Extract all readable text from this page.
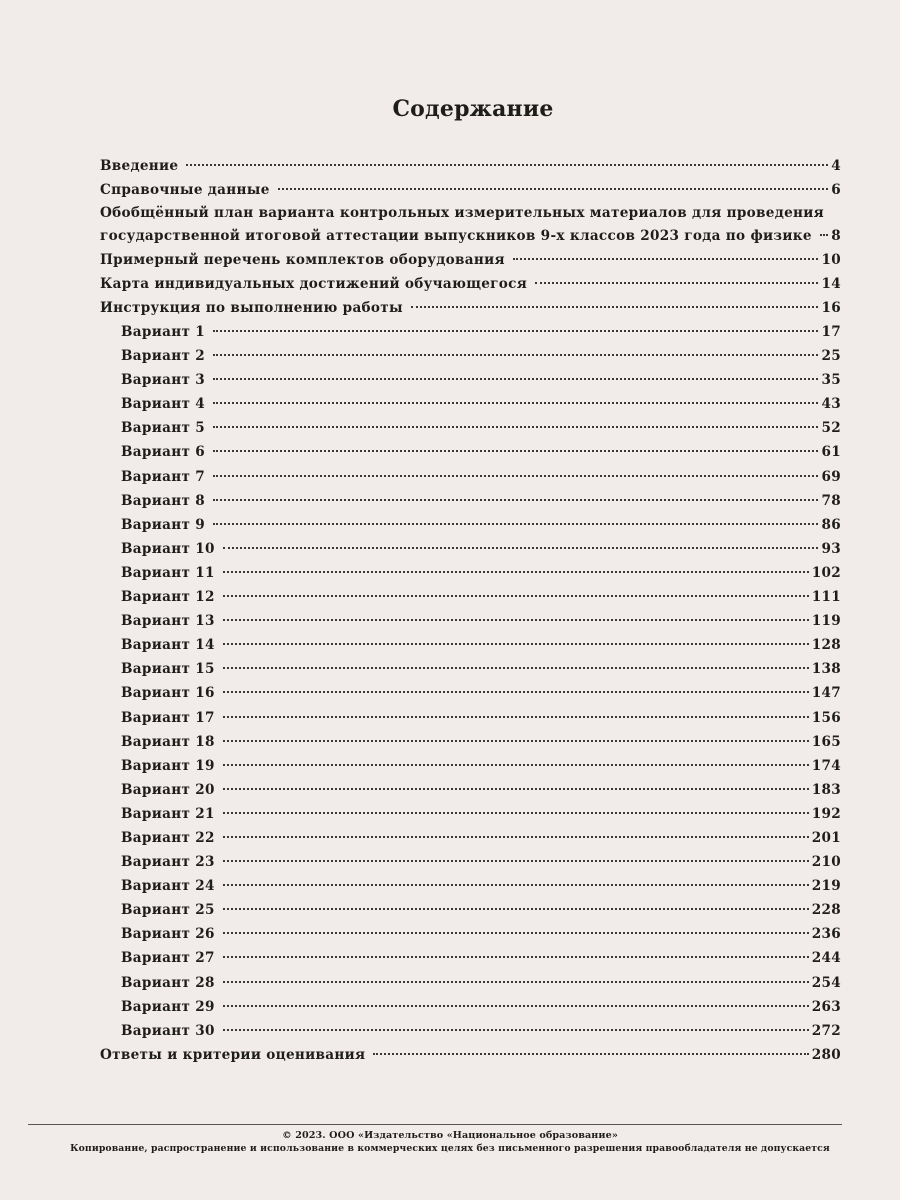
Содержание
Введение	4
Справочные данные	6
Обобщённый план варианта контрольных измерительных материалов для проведения
государственной итоговой аттестации выпускников 9-х классов 2023 года по физике 8
Примерный перечень комплектов оборудования	10
Карта индивидуальных достижений обучающегося	14
Инструкция по выполнению работы	16
Вариант 1	17
Вариант 2	25
Вариант 3	35
Вариант 4	43
Вариант 5	52
Вариант 6	61
Вариант 7	69
Вариант 8	78
Вариант 9	86
Вариант 10	93
Вариант 11	102
Вариант 12	111
Вариант 13	119
Вариант 14	128
Вариант 15	138
Вариант 16	147
Вариант 17	156
Вариант 18	165
Вариант 19	174
Вариант 20	183
Вариант 21	192
Вариант 22	201
Вариант 23	210
Вариант 24	219
Вариант 25	228
Вариант 26	236
Вариант 27	244
Вариант 28	254
Вариант 29	263
Вариант 30	272
Ответы и критерии оценивания	280
© 2023. ООО «Издательство «Национальное образование»
Копирование, распространение и использование в коммерческих целях без письменного разрешения правообладателя не допускается
